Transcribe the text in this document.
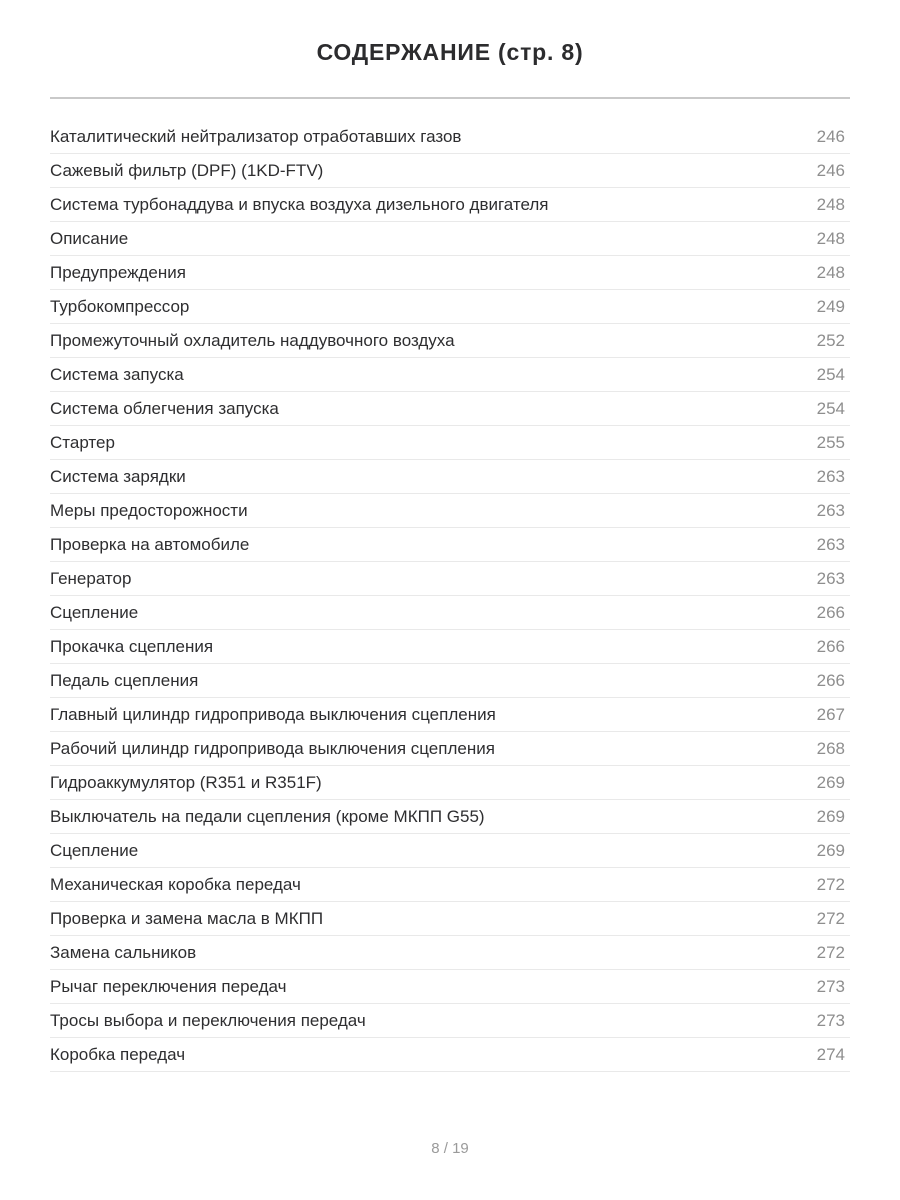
СОДЕРЖАНИЕ (стр. 8)
Каталитический нейтрализатор отработавших газов	246
Сажевый фильтр (DPF) (1KD-FTV)	246
Система турбонаддува и впуска воздуха дизельного двигателя	248
Описание	248
Предупреждения	248
Турбокомпрессор	249
Промежуточный охладитель наддувочного воздуха	252
Система запуска	254
Система облегчения запуска	254
Стартер	255
Система зарядки	263
Меры предосторожности	263
Проверка на автомобиле	263
Генератор	263
Сцепление	266
Прокачка сцепления	266
Педаль сцепления	266
Главный цилиндр гидропривода выключения сцепления	267
Рабочий цилиндр гидропривода выключения сцепления	268
Гидроаккумулятор (R351 и R351F)	269
Выключатель на педали сцепления (кроме МКПП G55)	269
Сцепление	269
Механическая коробка передач	272
Проверка и замена масла в МКПП	272
Замена сальников	272
Рычаг переключения передач	273
Тросы выбора и переключения передач	273
Коробка передач	274
8 / 19
